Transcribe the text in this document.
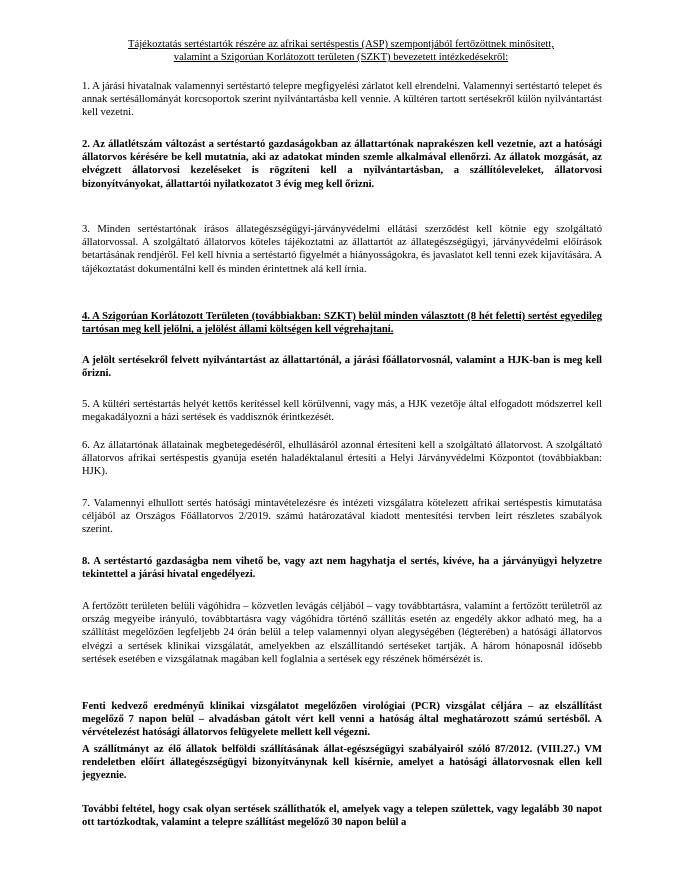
Tájékoztatás sertéstartók részére az afrikai sertéspestis (ASP) szempontjából fertőzöttnek minősített,
valamint a Szigorúan Korlátozott területen (SZKT) bevezetett intézkedésekről:

1. A járási hivatalnak valamennyi sertéstartó telepre megfigyelési zárlatot kell elrendelni. Valamennyi sertéstartó telepet és annak sertésállományát korcsoportok szerint nyilvántartásba kell vennie. A kültéren tartott sertésekről külön nyilvántartást kell vezetni.

2. Az állatlétszám változást a sertéstartó gazdaságokban az állattartónak naprakészen kell vezetnie, azt a hatósági állatorvos kérésére be kell mutatnia, aki az adatokat minden szemle alkalmával ellenőrzi. Az állatok mozgását, az elvégzett állatorvosi kezeléseket is rögzíteni kell a nyilvántartásban, a szállítóleveleket, állatorvosi bizonyítványokat, állattartói nyilatkozatot 3 évig meg kell őrizni.

3. Minden sertéstartónak írásos állategészségügyi-járványvédelmi ellátási szerződést kell kötnie egy szolgáltató állatorvossal. A szolgáltató állatorvos köteles tájékoztatni az állattartót az állategészségügyi, járványvédelmi előírások betartásának rendjéről. Fel kell hívnia a sertéstartó figyelmét a hiányosságokra, és javaslatot kell tenni ezek kijavítására. A tájékoztatást dokumentálni kell és minden érintettnek alá kell írnia.

4. A Szigorúan Korlátozott Területen (továbbiakban: SZKT) belül minden választott (8 hét feletti) sertést egyedileg tartósan meg kell jelölni, a jelölést állami költségen kell végrehajtani.

A jelölt sertésekről felvett nyilvántartást az állattartónál, a járási főállatorvosnál, valamint a HJK-ban is meg kell őrizni.

5. A kültéri sertéstartás helyét kettős kerítéssel kell körülvenni, vagy más, a HJK vezetője által elfogadott módszerrel kell megakadályozni a házi sertések és vaddisznók érintkezését.

6. Az állatartónak állatainak megbetegedéséről, elhullásáról azonnal értesíteni kell a szolgáltató állatorvost. A szolgáltató állatorvos afrikai sertéspestis gyanúja esetén haladéktalanul értesíti a Helyi Járványvédelmi Központot (továbbiakban: HJK).

7. Valamennyi elhullott sertés hatósági mintavételezésre és intézeti vizsgálatra kötelezett afrikai sertéspestis kimutatása céljából az Országos Főállatorvos 2/2019. számú határozatával kiadott mentesítési tervben leírt részletes szabályok szerint.

8. A sertéstartó gazdaságba nem vihető be, vagy azt nem hagyhatja el sertés, kivéve, ha a járványügyi helyzetre tekintettel a járási hivatal engedélyezi.

A fertőzött területen belüli vágóhídra – közvetlen levágás céljából – vagy továbbtartásra, valamint a fertőzött területről az ország megyeibe irányuló, továbbtartásra vagy vágóhídra történő szállítás esetén az engedély akkor adható meg, ha a szállítást megelőzően legfeljebb 24 órán belül a telep valamennyi olyan alegységében (légterében) a hatósági állatorvos elvégzi a sertések klinikai vizsgálatát, amelyekben az elszállítandó sertéseket tartják. A három hónaposnál idősebb sertések esetében e vizsgálatnak magában kell foglalnia a sertések egy részének hőmérsézét is.

Fenti kedvező eredményű klinikai vizsgálatot megelőzően virológiai (PCR) vizsgálat céljára – az elszállítást megelőző 7 napon belül – alvadásban gátolt vért kell venni a hatóság által meghatározott számú sertésből. A vérvételezést hatósági állatorvos felügyelete mellett kell végezni.

A szállítmányt az élő állatok belföldi szállításának állat-egészségügyi szabályairól szóló 87/2012. (VIII.27.) VM rendeletben előírt állategészségügyi bizonyítványnak kell kísérnie, amelyet a hatósági állatorvosnak ellen kell jegyeznie.

További feltétel, hogy csak olyan sertések szállíthatók el, amelyek vagy a telepen születtek, vagy legalább 30 napot ott tartózkodtak, valamint a telepre szállítást megelőző 30 napon belül a
